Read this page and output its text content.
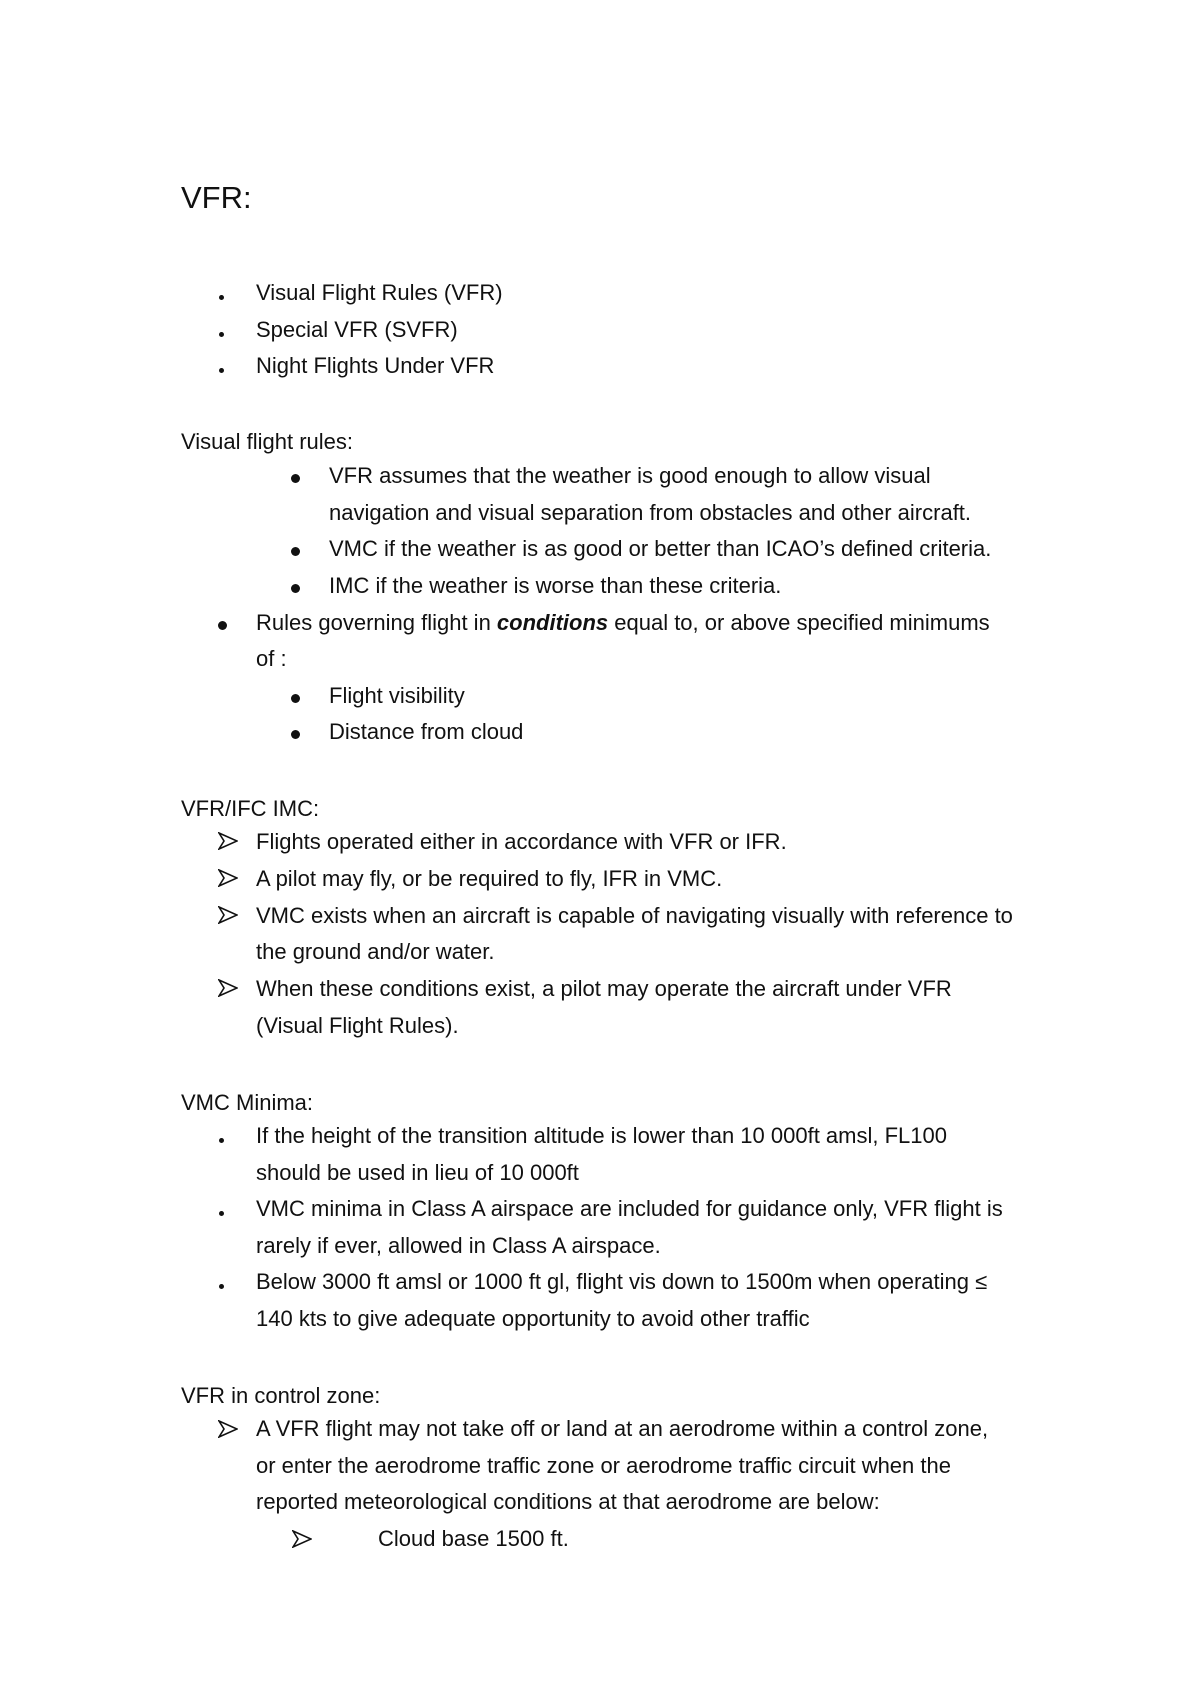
VFR:
Visual Flight Rules (VFR)
Special VFR (SVFR)
Night Flights Under VFR
Visual flight rules:
VFR assumes that the weather is good enough to allow visual
navigation and visual separation from obstacles and other aircraft.
VMC if the weather is as good or better than ICAO’s defined criteria.
IMC if the weather is worse than these criteria.
Rules governing flight in conditions equal to, or above specified minimums
of :
Flight visibility
Distance from cloud
VFR/IFC IMC:
Flights operated either in accordance with VFR or IFR.
A pilot may fly, or be required to fly, IFR in VMC.
VMC exists when an aircraft is capable of navigating visually with reference to
the ground and/or water.
When these conditions exist, a pilot may operate the aircraft under VFR
(Visual Flight Rules).
VMC Minima:
If the height of the transition altitude is lower than 10 000ft amsl, FL100
should be used in lieu of 10 000ft
VMC minima in Class A airspace are included for guidance only, VFR flight is
rarely if ever, allowed in Class A airspace.
Below 3000 ft amsl or 1000 ft gl, flight vis down to 1500m when operating ≤
140 kts to give adequate opportunity to avoid other traffic
VFR in control zone:
A VFR flight may not take off or land at an aerodrome within a control zone,
or enter the aerodrome traffic zone or aerodrome traffic circuit when the
reported meteorological conditions at that aerodrome are below:
Cloud base 1500 ft.
